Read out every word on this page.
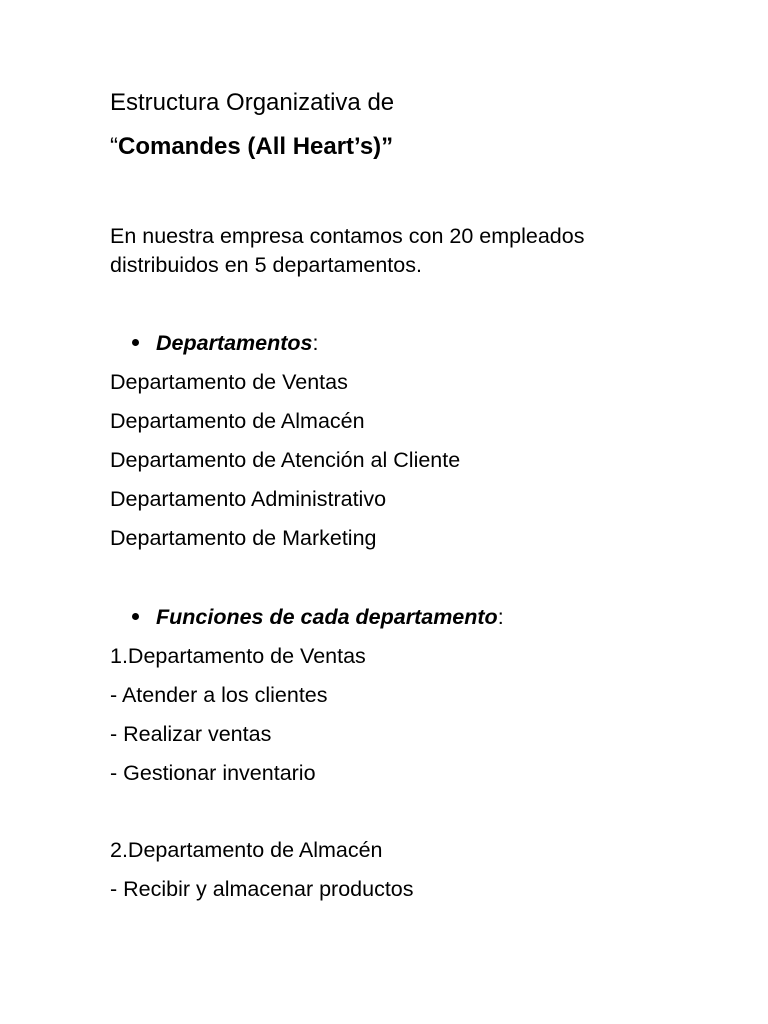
Estructura Organizativa de
“Comandes (All Heart’s)”
En nuestra empresa contamos con 20 empleados
distribuidos en 5 departamentos.
Departamentos:
Departamento de Ventas
Departamento de Almacén
Departamento de Atención al Cliente
Departamento Administrativo
Departamento de Marketing
Funciones de cada departamento:
1.Departamento de Ventas
- Atender a los clientes
- Realizar ventas
- Gestionar inventario
2.Departamento de Almacén
- Recibir y almacenar productos
